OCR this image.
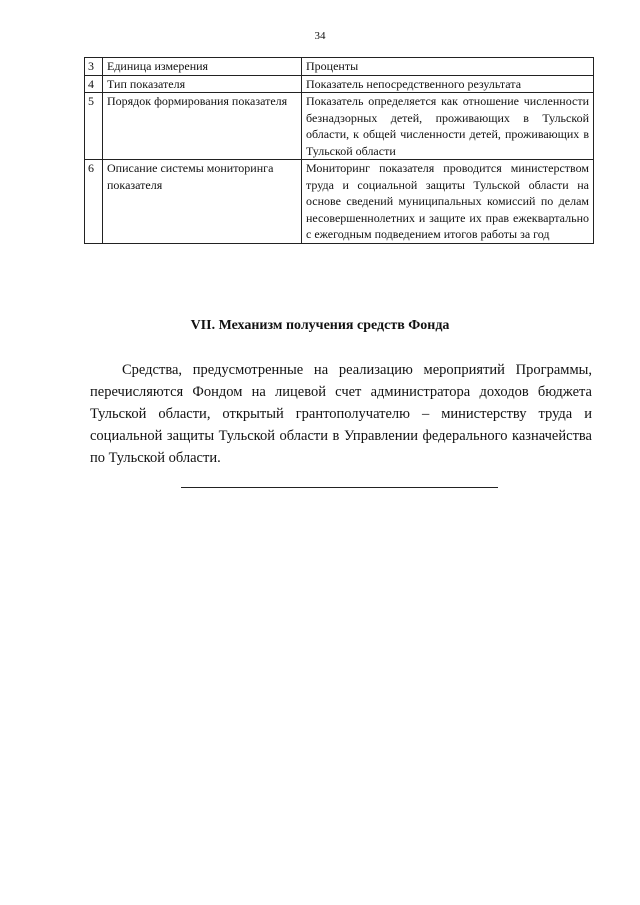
34
3	Единица измерения	Проценты
4	Тип показателя	Показатель непосредственного результата
5	Порядок формирования показателя	Показатель определяется как отношение численности безнадзорных детей, проживающих в Тульской области, к общей численности детей, проживающих в Тульской области
6	Описание системы мониторинга показателя	Мониторинг показателя проводится министерством труда и социальной защиты Тульской области на основе сведений муниципальных комиссий по делам несовершеннолетних и защите их прав ежеквартально с ежегодным подведением итогов работы за год
VII. Механизм получения средств Фонда

Средства, предусмотренные на реализацию мероприятий Программы, перечисляются Фондом на лицевой счет администратора доходов бюджета Тульской области, открытый грантополучателю – министерству труда и социальной защиты Тульской области в Управлении федерального казначейства по Тульской области.
